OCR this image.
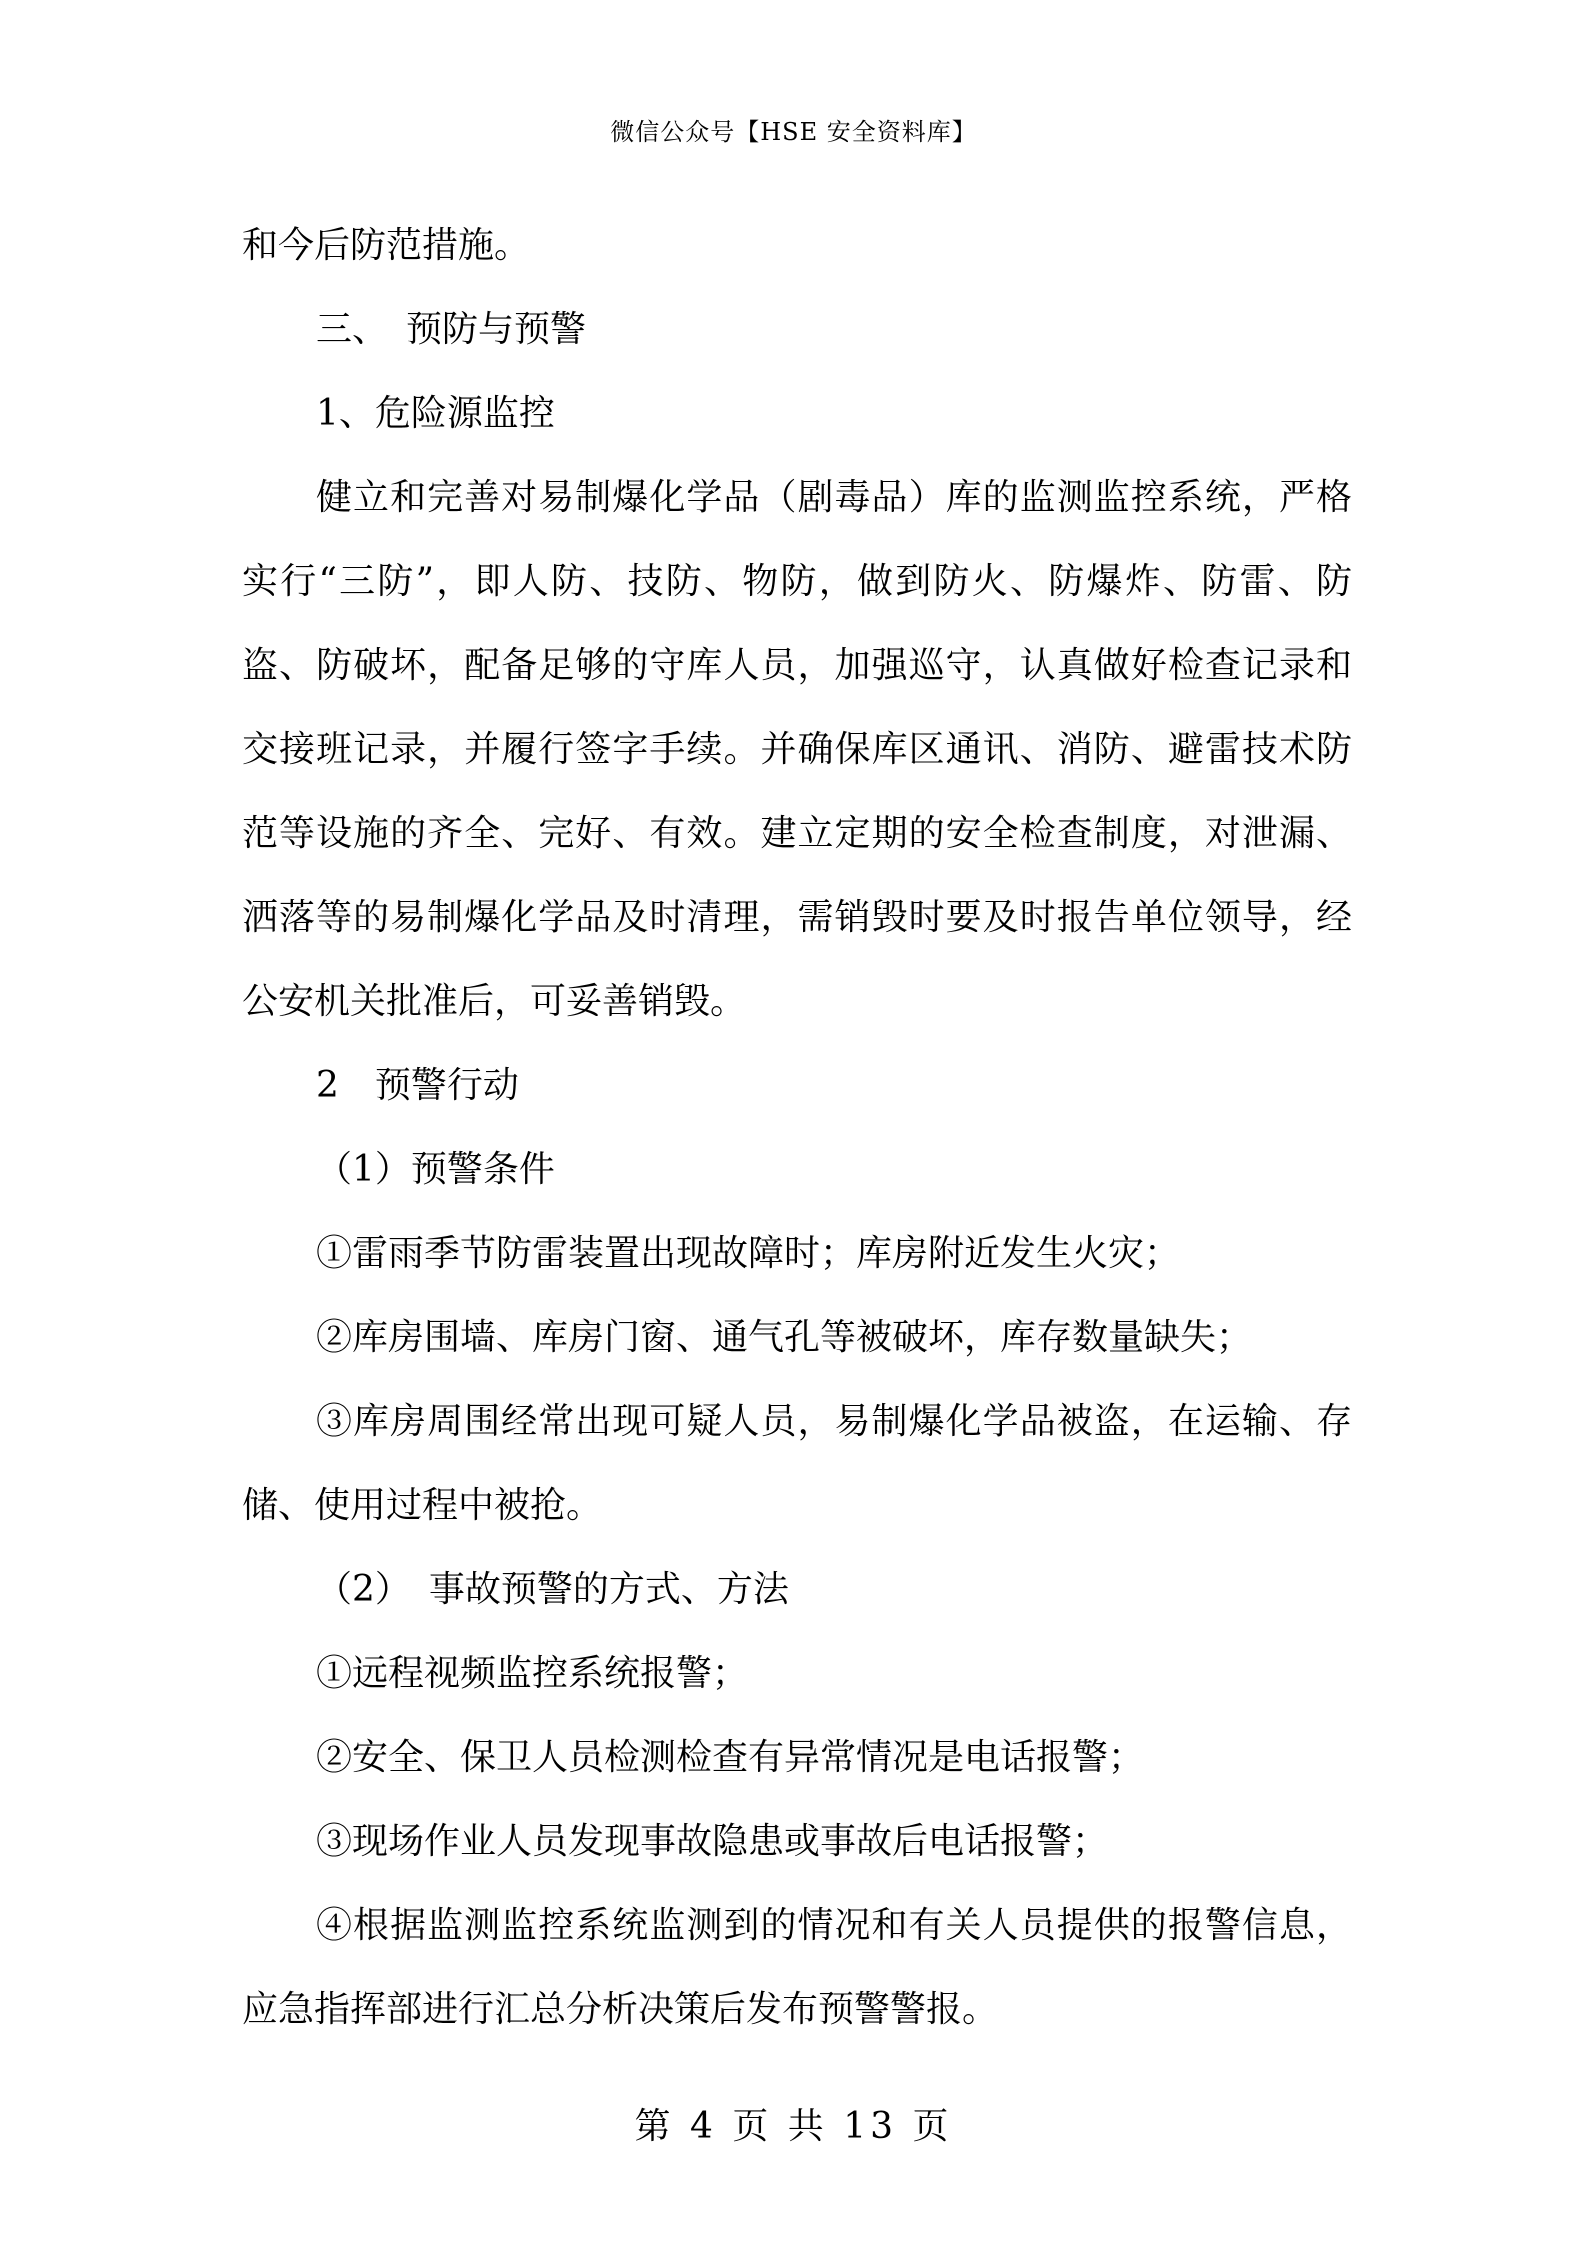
微信公众号【HSE 安全资料库】

和今后防范措施。

三、　预防与预警

1、危险源监控

健立和完善对易制爆化学品（剧毒品）库的监测监控系统，严格实行“三防”，即人防、技防、物防，做到防火、防爆炸、防雷、防盗、防破坏，配备足够的守库人员，加强巡守，认真做好检查记录和交接班记录，并履行签字手续。并确保库区通讯、消防、避雷技术防范等设施的齐全、完好、有效。建立定期的安全检查制度，对泄漏、洒落等的易制爆化学品及时清理，需销毁时要及时报告单位领导，经公安机关批准后，可妥善销毁。

2　预警行动

（1）预警条件

①雷雨季节防雷装置出现故障时；库房附近发生火灾；

②库房围墙、库房门窗、通气孔等被破坏，库存数量缺失；

③库房周围经常出现可疑人员，易制爆化学品被盗，在运输、存储、使用过程中被抢。

（2）　事故预警的方式、方法

①远程视频监控系统报警；

②安全、保卫人员检测检查有异常情况是电话报警；

③现场作业人员发现事故隐患或事故后电话报警；

④根据监测监控系统监测到的情况和有关人员提供的报警信息，应急指挥部进行汇总分析决策后发布预警警报。

第 4 页 共 13 页
